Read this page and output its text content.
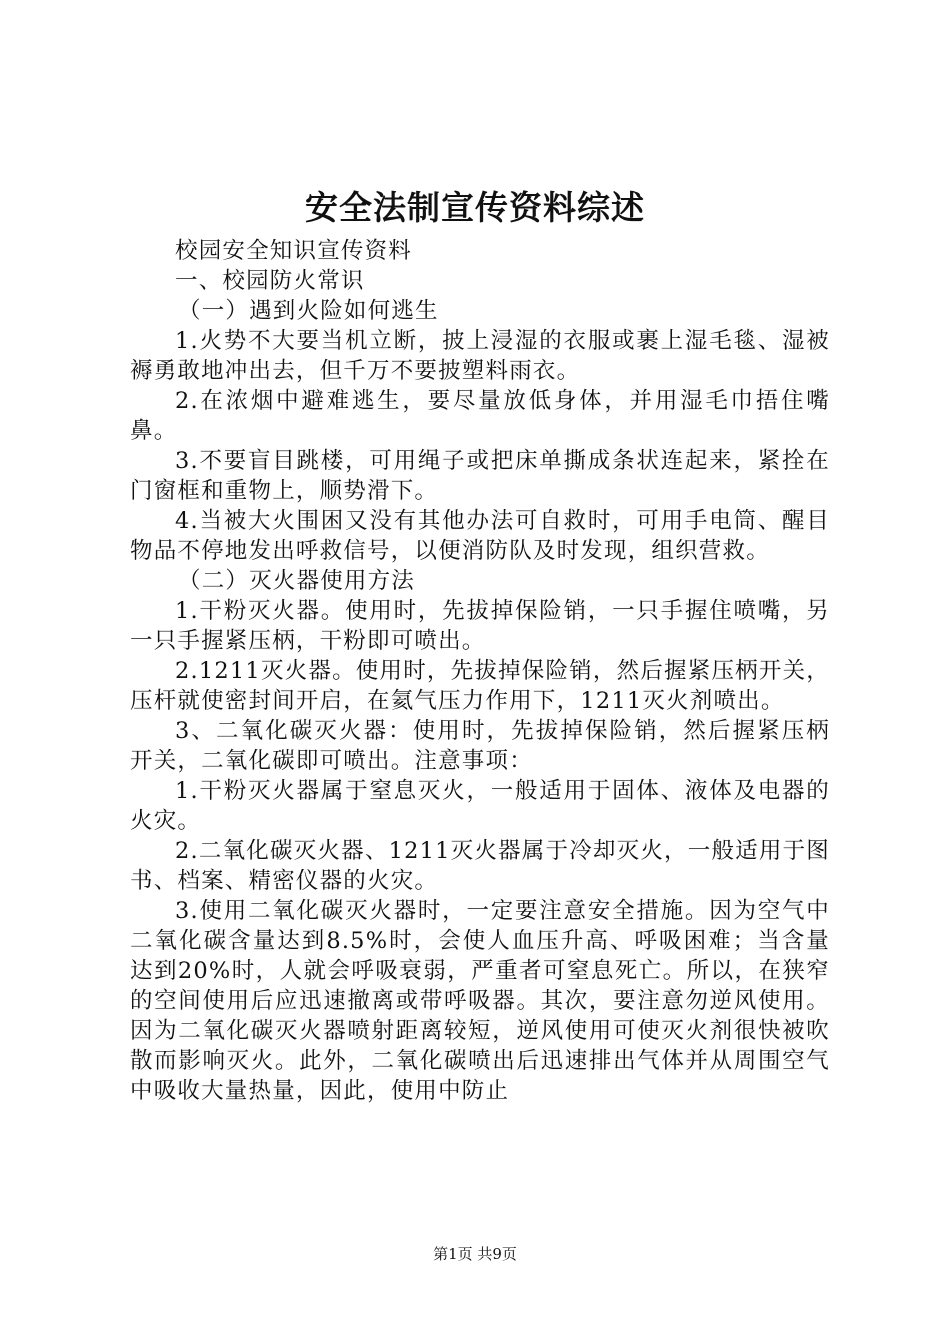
安全法制宣传资料综述

校园安全知识宣传资料

一、校园防火常识

（一）遇到火险如何逃生

1.火势不大要当机立断，披上浸湿的衣服或裹上湿毛毯、湿被褥勇敢地冲出去，但千万不要披塑料雨衣。

2.在浓烟中避难逃生，要尽量放低身体，并用湿毛巾捂住嘴鼻。

3.不要盲目跳楼，可用绳子或把床单撕成条状连起来，紧拴在门窗框和重物上，顺势滑下。

4.当被大火围困又没有其他办法可自救时，可用手电筒、醒目物品不停地发出呼救信号，以便消防队及时发现，组织营救。

（二）灭火器使用方法

1.干粉灭火器。使用时，先拔掉保险销，一只手握住喷嘴，另一只手握紧压柄，干粉即可喷出。

2.1211灭火器。使用时，先拔掉保险销，然后握紧压柄开关，压杆就使密封间开启，在氦气压力作用下，1211灭火剂喷出。

3、二氧化碳灭火器：使用时，先拔掉保险销，然后握紧压柄开关，二氧化碳即可喷出。注意事项：

1.干粉灭火器属于窒息灭火，一般适用于固体、液体及电器的火灾。

2.二氧化碳灭火器、1211灭火器属于冷却灭火，一般适用于图书、档案、精密仪器的火灾。

3.使用二氧化碳灭火器时，一定要注意安全措施。因为空气中二氧化碳含量达到8.5%时，会使人血压升高、呼吸困难；当含量达到20%时，人就会呼吸衰弱，严重者可窒息死亡。所以，在狭窄的空间使用后应迅速撤离或带呼吸器。其次，要注意勿逆风使用。因为二氧化碳灭火器喷射距离较短，逆风使用可使灭火剂很快被吹散而影响灭火。此外，二氧化碳喷出后迅速排出气体并从周围空气中吸收大量热量，因此，使用中防止

第1页 共9页
